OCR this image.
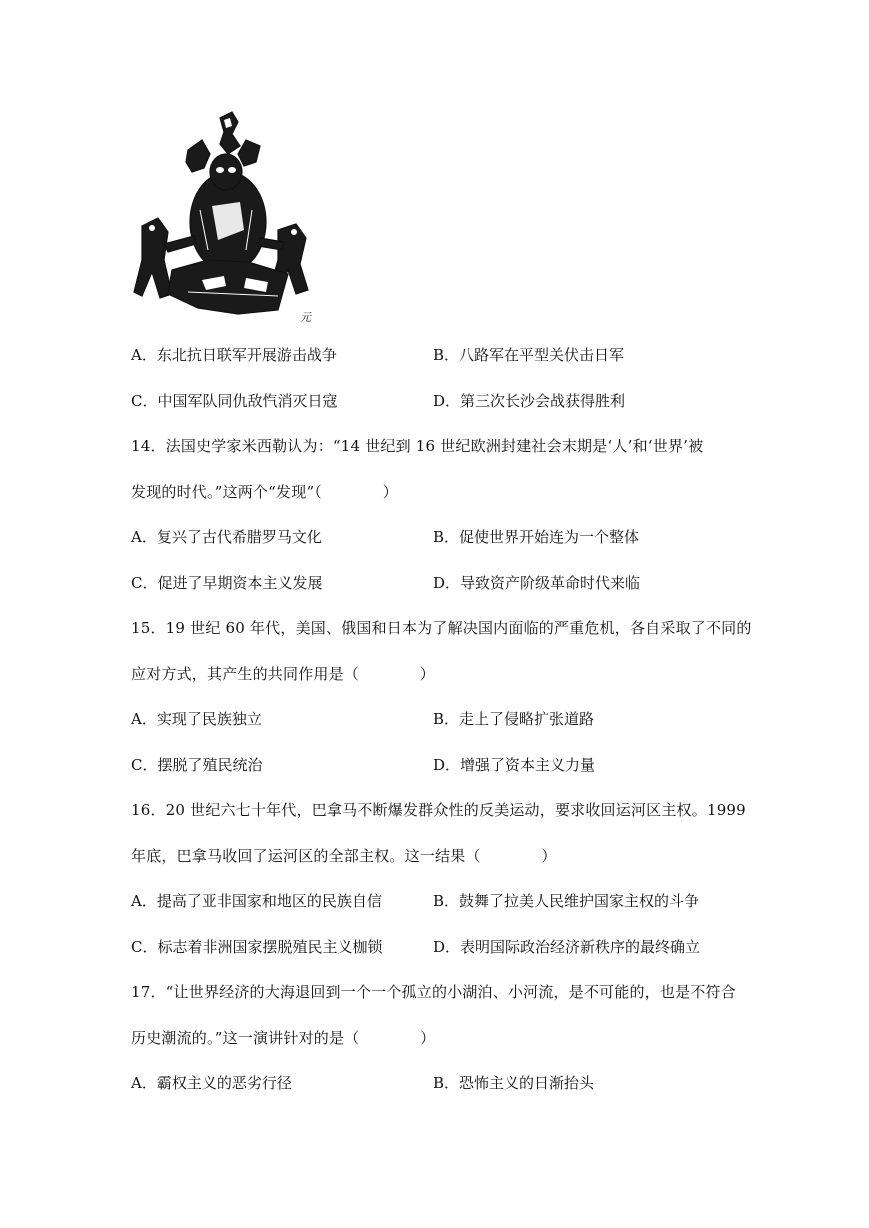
元
A．东北抗日联军开展游击战争	B．八路军在平型关伏击日军
C．中国军队同仇敌忾消灭日寇	D．第三次长沙会战获得胜利
14．法国史学家米西勒认为：“14 世纪到 16 世纪欧洲封建社会末期是‘人’和‘世界’被
发现的时代。”这两个“发现”（　　　　）
A．复兴了古代希腊罗马文化	B．促使世界开始连为一个整体
C．促进了早期资本主义发展	D．导致资产阶级革命时代来临
15．19 世纪 60 年代，美国、俄国和日本为了解决国内面临的严重危机，各自采取了不同的
应对方式，其产生的共同作用是（　　　　）
A．实现了民族独立	B．走上了侵略扩张道路
C．摆脱了殖民统治	D．增强了资本主义力量
16．20 世纪六七十年代，巴拿马不断爆发群众性的反美运动，要求收回运河区主权。1999
年底，巴拿马收回了运河区的全部主权。这一结果（　　　　）
A．提高了亚非国家和地区的民族自信	B．鼓舞了拉美人民维护国家主权的斗争
C．标志着非洲国家摆脱殖民主义枷锁	D．表明国际政治经济新秩序的最终确立
17．“让世界经济的大海退回到一个一个孤立的小湖泊、小河流，是不可能的，也是不符合
历史潮流的。”这一演讲针对的是（　　　　）
A．霸权主义的恶劣行径	B．恐怖主义的日渐抬头
